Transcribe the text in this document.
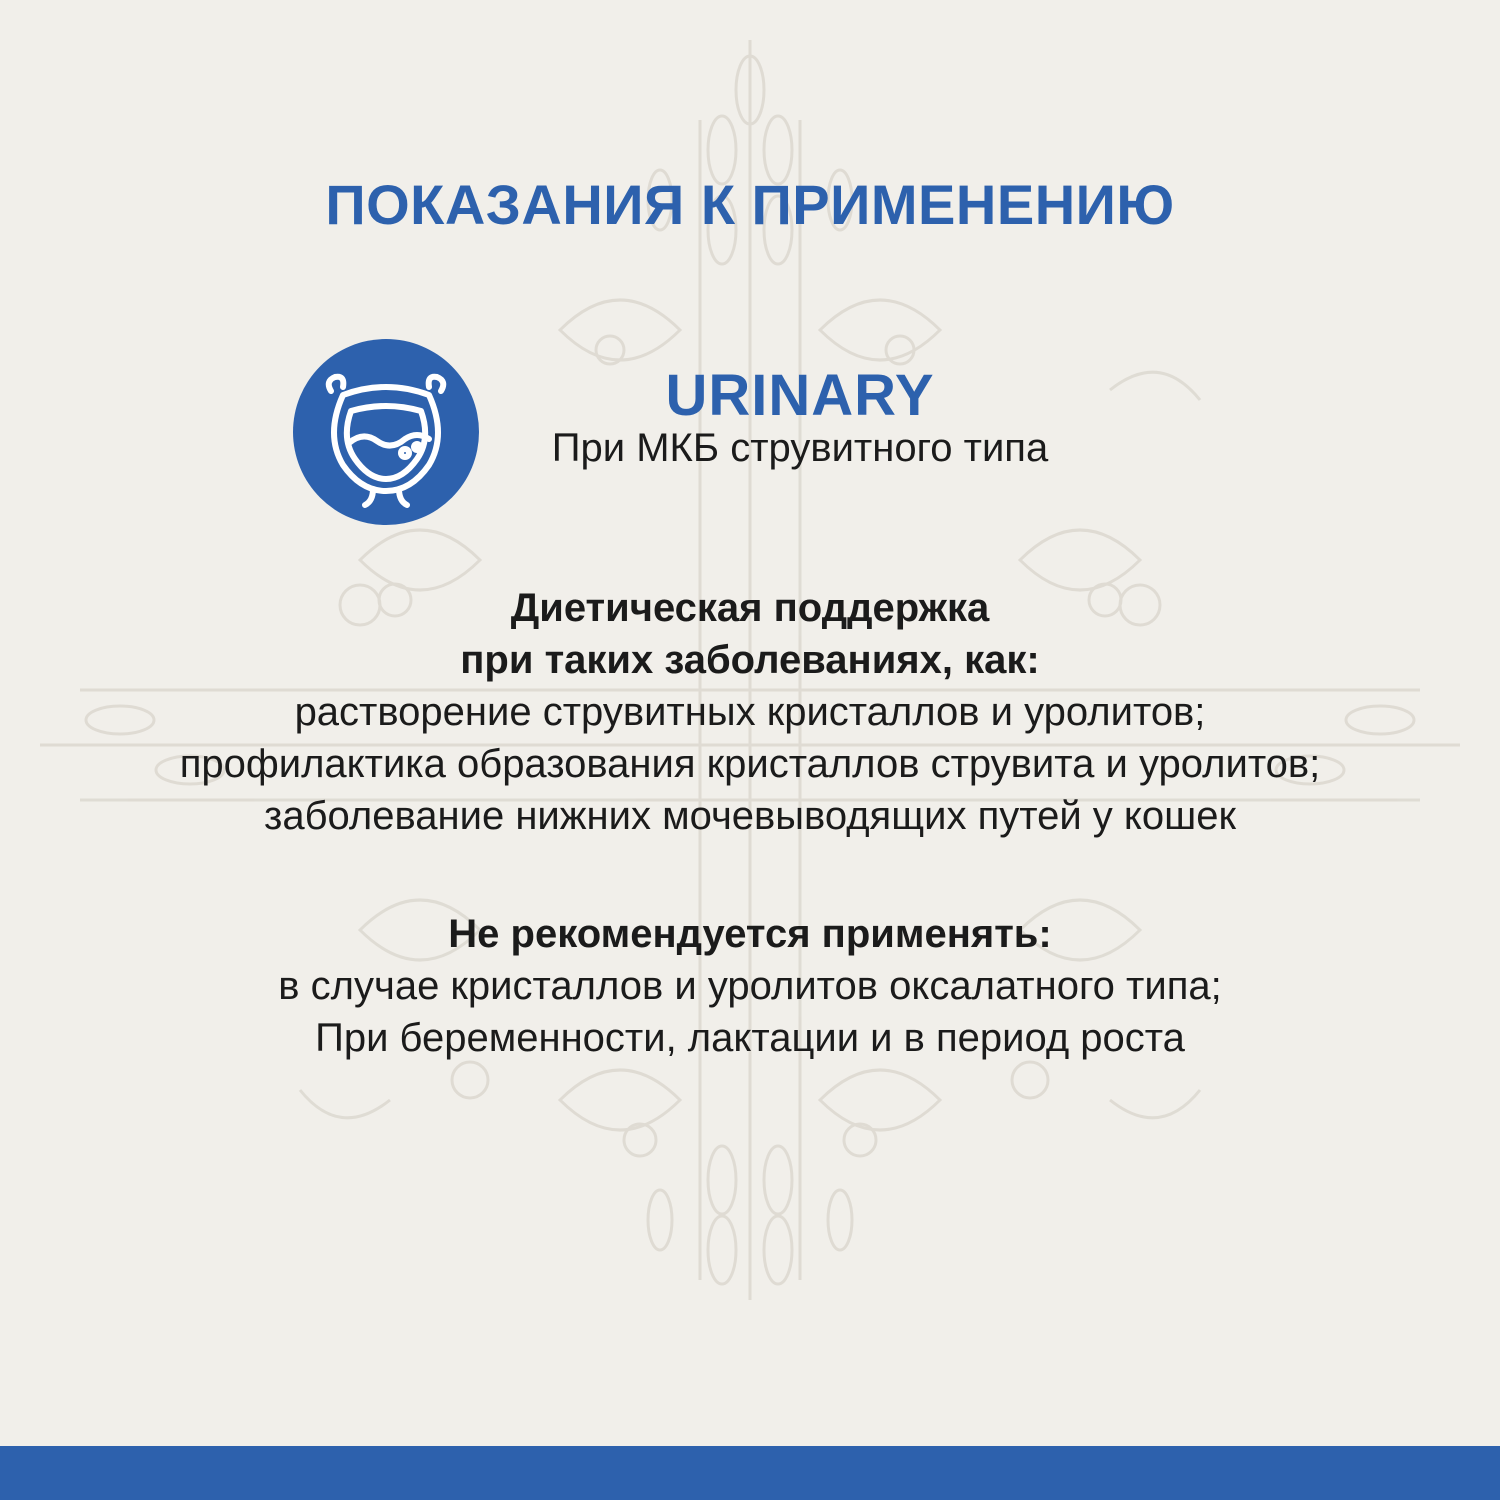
ПОКАЗАНИЯ К ПРИМЕНЕНИЮ
URINARY
При МКБ струвитного типа
Диетическая поддержка
при таких заболеваниях, как:
растворение струвитных кристаллов и уролитов;
профилактика образования кристаллов струвита и уролитов;
заболевание нижних мочевыводящих путей у кошек
Не рекомендуется применять:
в случае кристаллов и уролитов оксалатного типа;
При беременности, лактации и в период роста
